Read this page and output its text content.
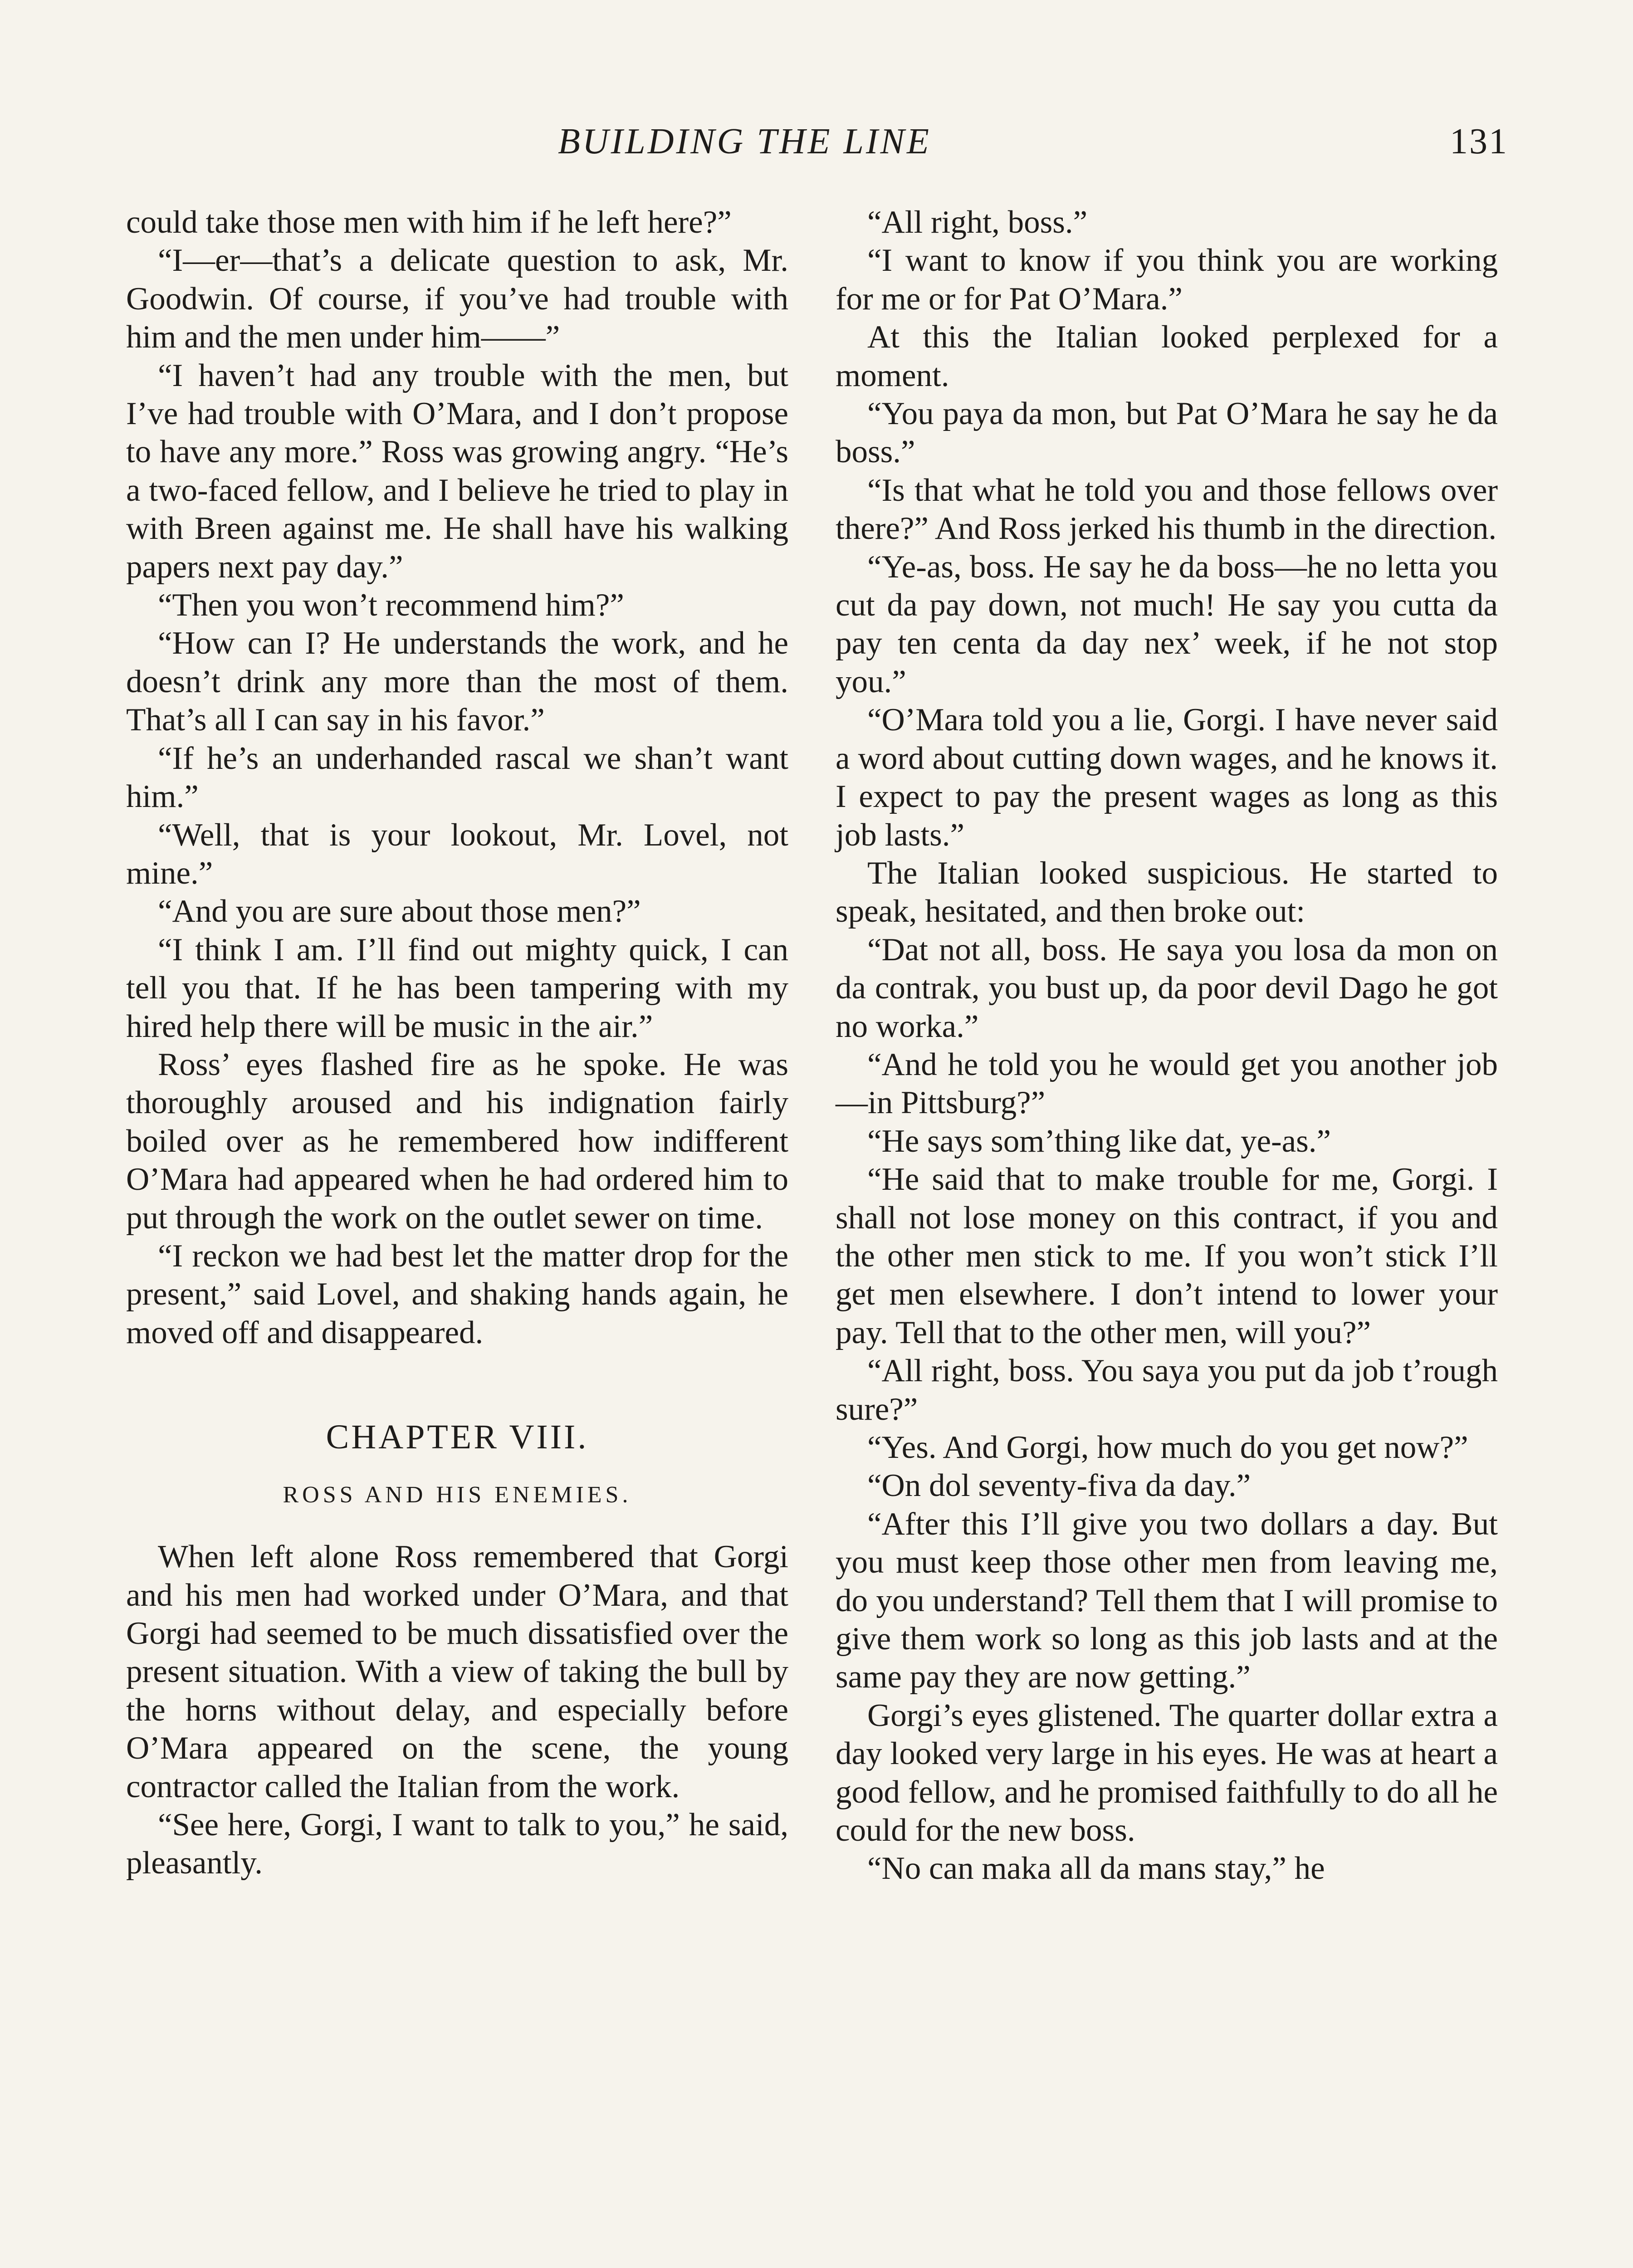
BUILDING THE LINE	131

could take those men with him if he left here?”

“I—er—that’s a delicate question to ask, Mr. Goodwin. Of course, if you’ve had trouble with him and the men under him——”

“I haven’t had any trouble with the men, but I’ve had trouble with O’Mara, and I don’t propose to have any more.” Ross was growing angry. “He’s a two-faced fellow, and I believe he tried to play in with Breen against me. He shall have his walking papers next pay day.”

“Then you won’t recommend him?”

“How can I? He understands the work, and he doesn’t drink any more than the most of them. That’s all I can say in his favor.”

“If he’s an underhanded rascal we shan’t want him.”

“Well, that is your lookout, Mr. Lovel, not mine.”

“And you are sure about those men?”

“I think I am. I’ll find out mighty quick, I can tell you that. If he has been tampering with my hired help there will be music in the air.”

Ross’ eyes flashed fire as he spoke. He was thoroughly aroused and his indignation fairly boiled over as he remembered how indifferent O’Mara had appeared when he had ordered him to put through the work on the outlet sewer on time.

“I reckon we had best let the matter drop for the present,” said Lovel, and shaking hands again, he moved off and disappeared.

CHAPTER VIII.
ROSS AND HIS ENEMIES.

When left alone Ross remembered that Gorgi and his men had worked under O’Mara, and that Gorgi had seemed to be much dissatisfied over the present situation. With a view of taking the bull by the horns without delay, and especially before O’Mara appeared on the scene, the young contractor called the Italian from the work.

“See here, Gorgi, I want to talk to you,” he said, pleasantly.

“All right, boss.”

“I want to know if you think you are working for me or for Pat O’Mara.”

At this the Italian looked perplexed for a moment.

“You paya da mon, but Pat O’Mara he say he da boss.”

“Is that what he told you and those fellows over there?” And Ross jerked his thumb in the direction.

“Ye-as, boss. He say he da boss—he no letta you cut da pay down, not much! He say you cutta da pay ten centa da day nex’ week, if he not stop you.”

“O’Mara told you a lie, Gorgi. I have never said a word about cutting down wages, and he knows it. I expect to pay the present wages as long as this job lasts.”

The Italian looked suspicious. He started to speak, hesitated, and then broke out:

“Dat not all, boss. He saya you losa da mon on da contrak, you bust up, da poor devil Dago he got no worka.”

“And he told you he would get you another job—in Pittsburg?”

“He says som’thing like dat, ye-as.”

“He said that to make trouble for me, Gorgi. I shall not lose money on this contract, if you and the other men stick to me. If you won’t stick I’ll get men elsewhere. I don’t intend to lower your pay. Tell that to the other men, will you?”

“All right, boss. You saya you put da job t’rough sure?”

“Yes. And Gorgi, how much do you get now?”

“On dol seventy-fiva da day.”

“After this I’ll give you two dollars a day. But you must keep those other men from leaving me, do you understand? Tell them that I will promise to give them work so long as this job lasts and at the same pay they are now getting.”

Gorgi’s eyes glistened. The quarter dollar extra a day looked very large in his eyes. He was at heart a good fellow, and he promised faithfully to do all he could for the new boss.

“No can maka all da mans stay,” he
